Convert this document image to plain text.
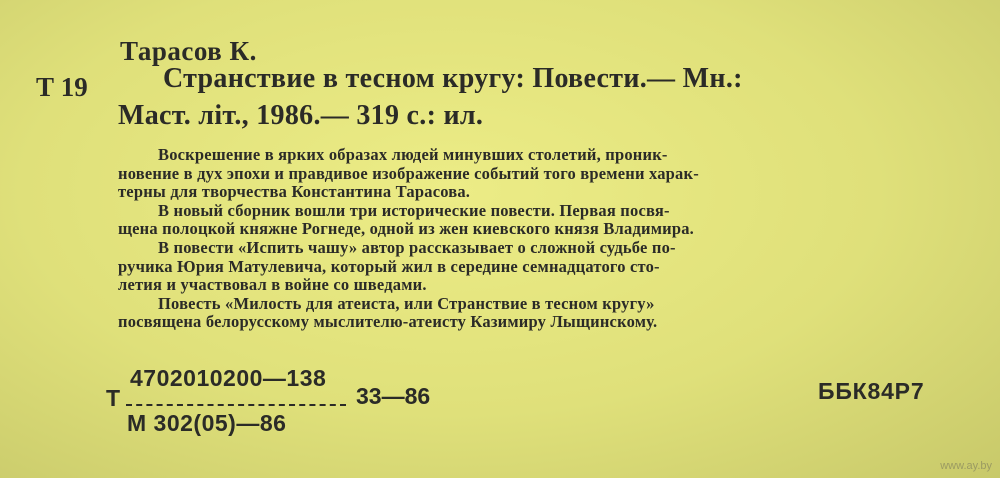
Тарасов К.
Т 19	Странствие в тесном кругу: Повести.— Мн.:
Маст. літ., 1986.— 319 с.: ил.
Воскрешение в ярких образах людей минувших столетий, проник-
новение в дух эпохи и правдивое изображение событий того времени харак-
терны для творчества Константина Тарасова.
В новый сборник вошли три исторические повести. Первая посвя-
щена полоцкой княжне Рогнеде, одной из жен киевского князя Владимира.
В повести «Испить чашу» автор рассказывает о сложной судьбе по-
ручика Юрия Матулевича, который жил в середине семнадцатого сто-
летия и участвовал в войне со шведами.
Повесть «Милость для атеиста, или Странствие в тесном кругу»
посвящена белорусскому мыслителю-атеисту Казимиру Лыщинскому.
4702010200—138
Т	33—86
М 302(05)—86
ББК84Р7
www.ay.by
